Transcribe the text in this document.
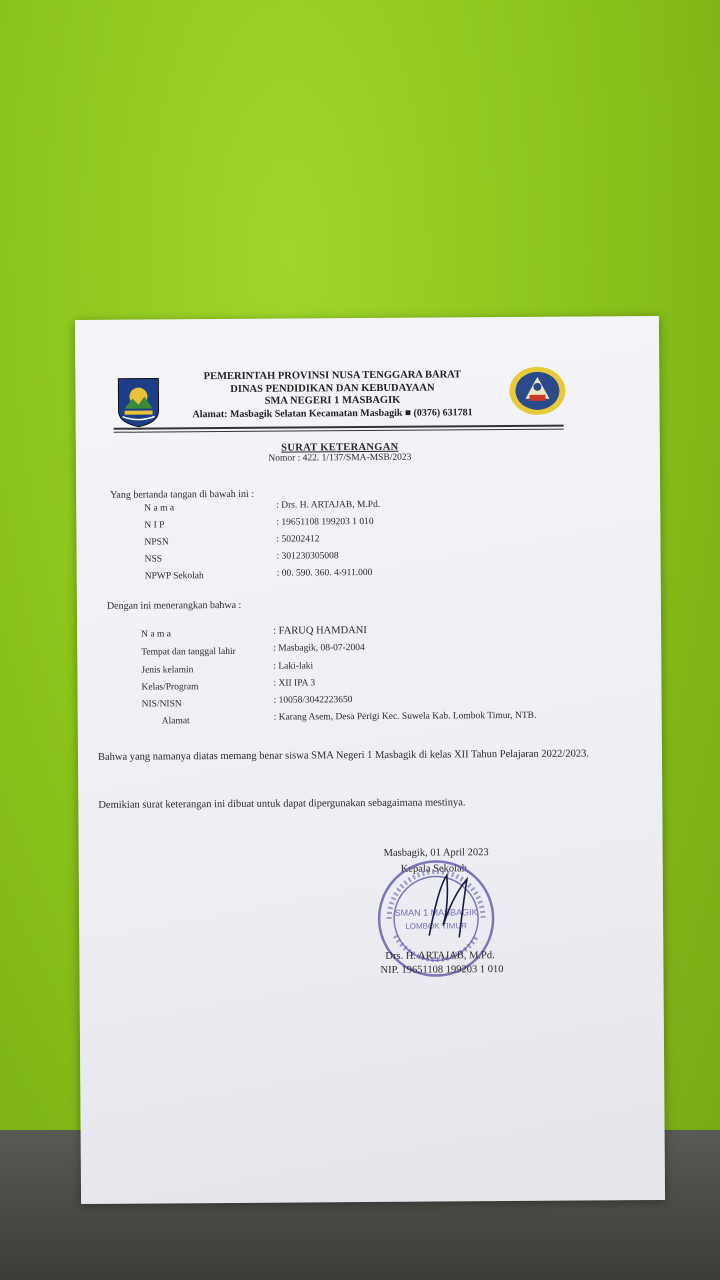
PEMERINTAH PROVINSI NUSA TENGGARA BARAT
DINAS PENDIDIKAN DAN KEBUDAYAAN
SMA NEGERI 1 MASBAGIK
Alamat: Masbagik Selatan Kecamatan Masbagik ■ (0376) 631781
SURAT KETERANGAN
Nomor : 422. 1/137/SMA-MSB/2023
Yang bertanda tangan di bawah ini :
N a m a	: Drs. H. ARTAJAB, M.Pd.
N I P	: 19651108 199203 1 010
NPSN	: 50202412
NSS	: 301230305008
NPWP Sekolah	: 00. 590. 360. 4-911.000
Dengan ini menerangkan bahwa :
N a m a	: FARUQ HAMDANI
Tempat dan tanggal lahir	: Masbagik, 08-07-2004
Jenis kelamin	: Laki-laki
Kelas/Program	: XII IPA 3
NIS/NISN	: 10058/3042223650
Alamat	: Karang Asem, Desa Perigi Kec. Suwela Kab. Lombok Timur, NTB.
Bahwa yang namanya diatas memang benar siswa SMA Negeri 1 Masbagik di kelas XII Tahun Pelajaran 2022/2023.
Demikian surat keterangan ini dibuat untuk dapat dipergunakan sebagaimana mestinya.
Masbagik, 01 April 2023
Kepala Sekolah,
SMAN 1 MASBAGIK
LOMBOK TIMUR
Drs. H. ARTAJAB, M.Pd.
NIP. 19651108 199203 1 010
